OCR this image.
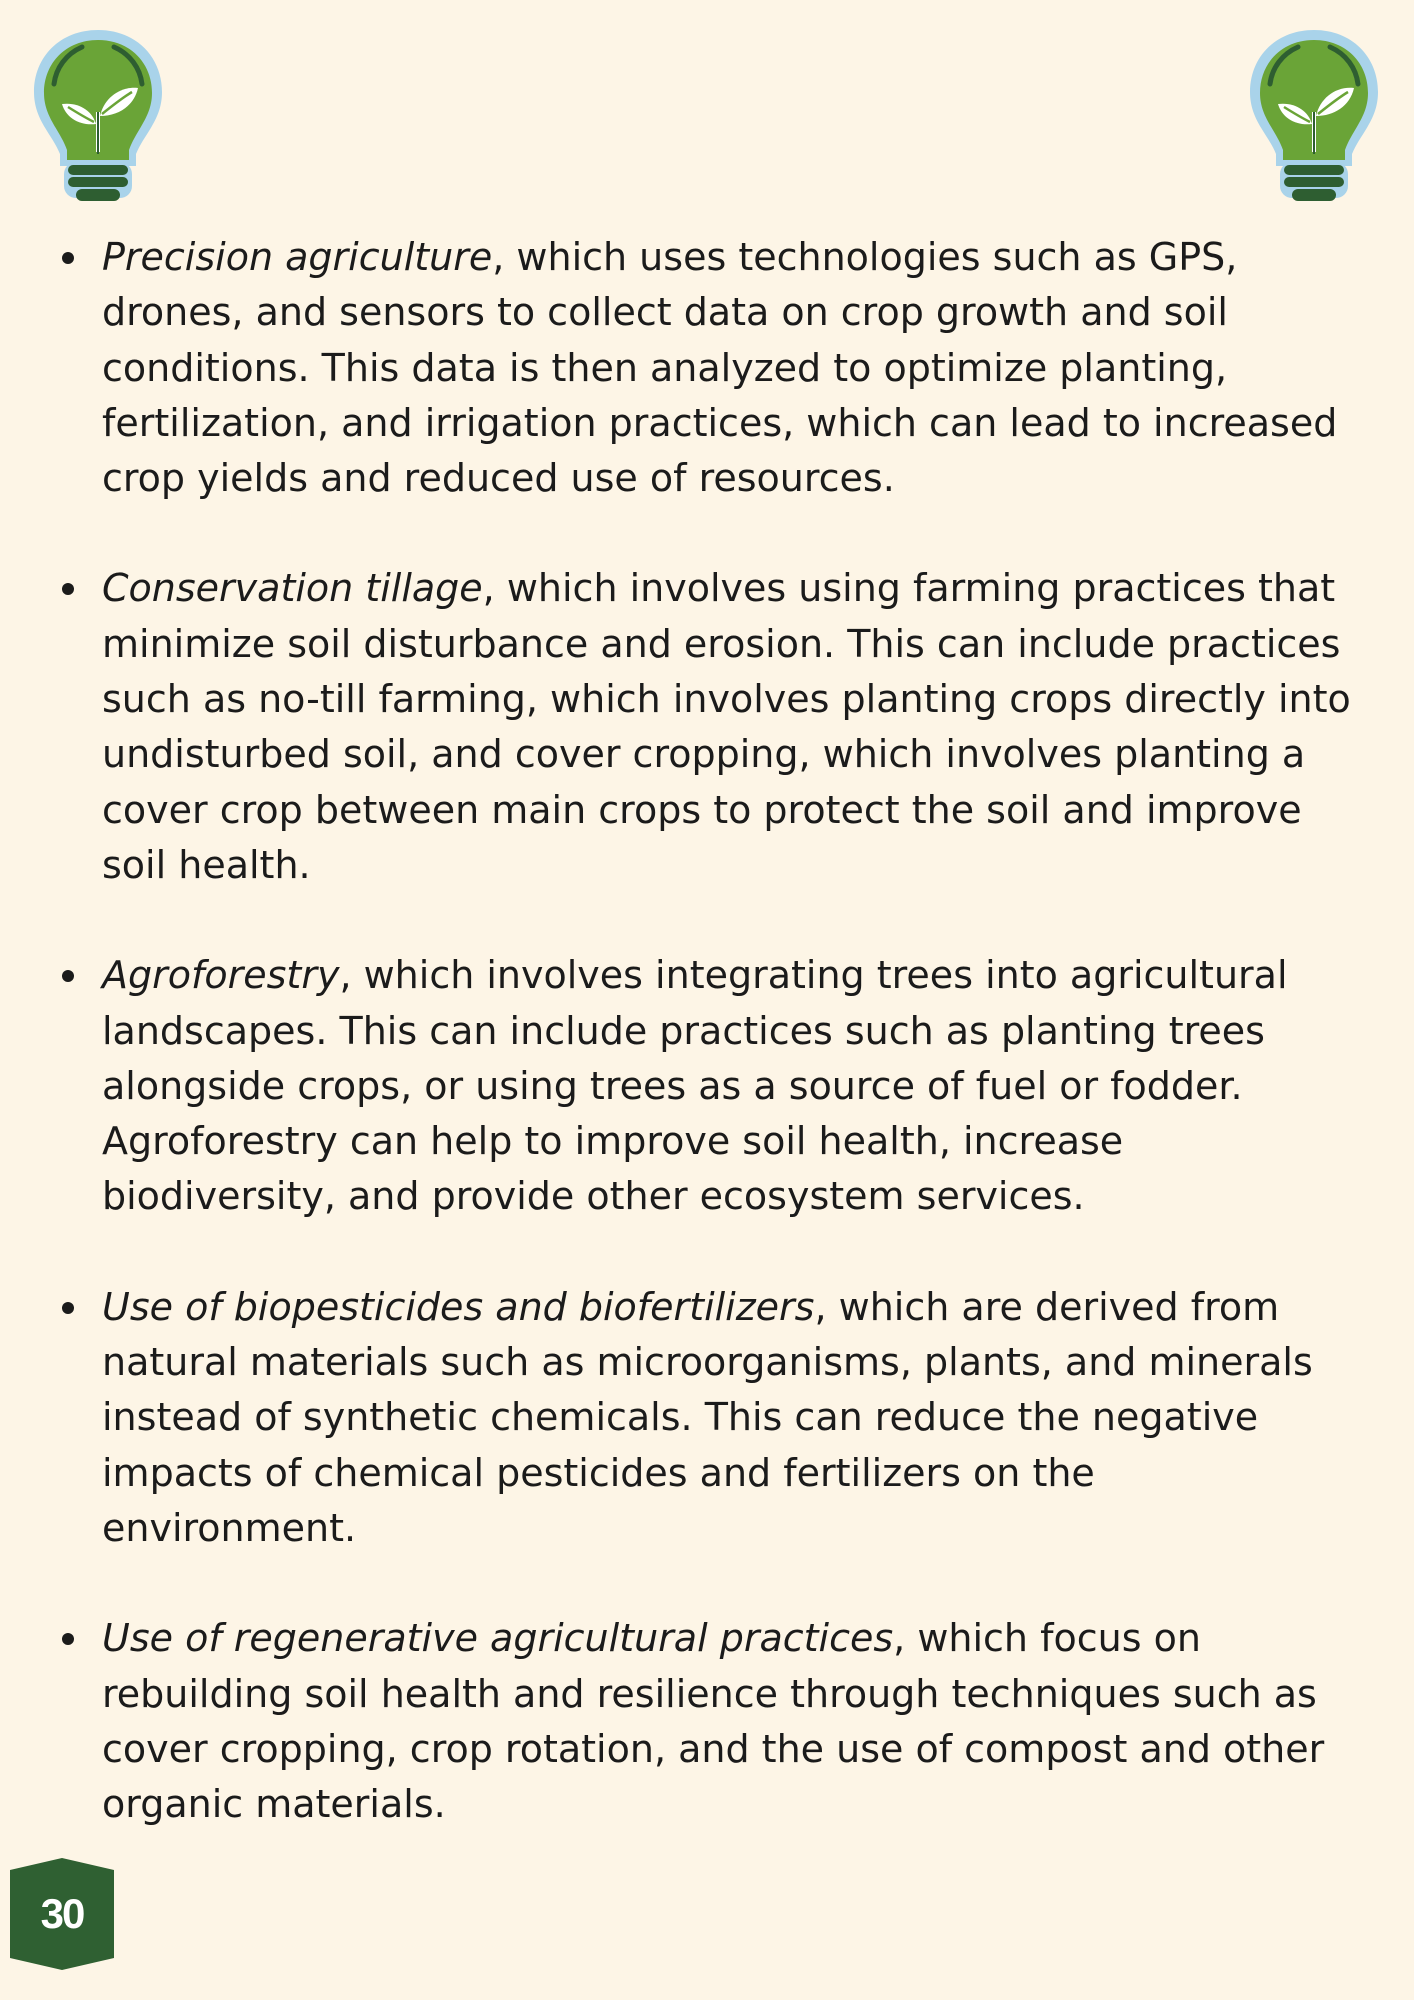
Precision agriculture, which uses technologies such as GPS, drones, and sensors to collect data on crop growth and soil conditions. This data is then analyzed to optimize planting, fertilization, and irrigation practices, which can lead to increased crop yields and reduced use of resources.
Conservation tillage, which involves using farming practices that minimize soil disturbance and erosion. This can include practices such as no-till farming, which involves planting crops directly into undisturbed soil, and cover cropping, which involves planting a cover crop between main crops to protect the soil and improve soil health.
Agroforestry, which involves integrating trees into agricultural landscapes. This can include practices such as planting trees alongside crops, or using trees as a source of fuel or fodder. Agroforestry can help to improve soil health, increase biodiversity, and provide other ecosystem services.
Use of biopesticides and biofertilizers, which are derived from natural materials such as microorganisms, plants, and minerals instead of synthetic chemicals. This can reduce the negative impacts of chemical pesticides and fertilizers on the environment.
Use of regenerative agricultural practices, which focus on rebuilding soil health and resilience through techniques such as cover cropping, crop rotation, and the use of compost and other organic materials.
30
